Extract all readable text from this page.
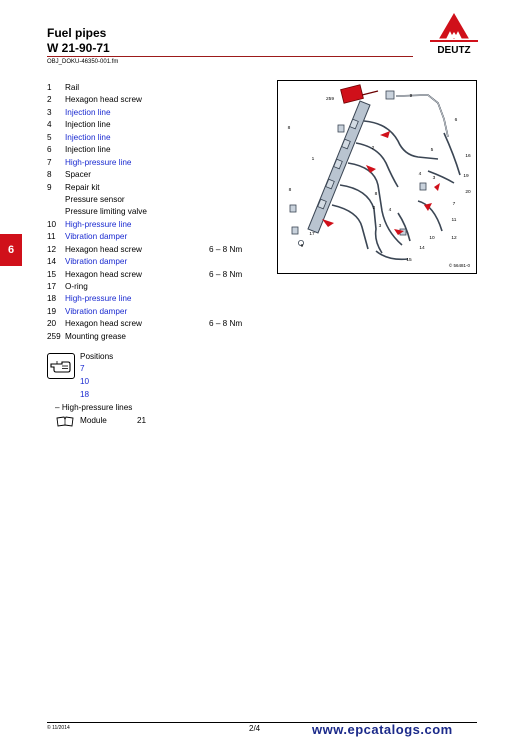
Fuel pipes
W 21-90-71
OBJ_DOKU-46350-001.fm
DEUTZ
6
1 Rail
2 Hexagon head screw
3 Injection line
4 Injection line
5 Injection line
6 Injection line
7 High-pressure line
8 Spacer
9 Repair kit
Pressure sensor
Pressure limiting valve
10 High-pressure line
11 Vibration damper
12 Hexagon head screw	6 – 8 Nm
14 Vibration damper
15 Hexagon head screw	6 – 8 Nm
17 O-ring
18 High-pressure line
19 Vibration damper
20 Hexagon head screw	6 – 8 Nm
259 Mounting grease
Positions
7
10
18
– High-pressure lines
Module	21
259
9
6
8
2
1
5
4
16
3
8
19
20
7
8
2
11
4
3
12
17
9	14
10
15
© 56481-0
© 11/2014	2/4	www.epcatalogs.com
